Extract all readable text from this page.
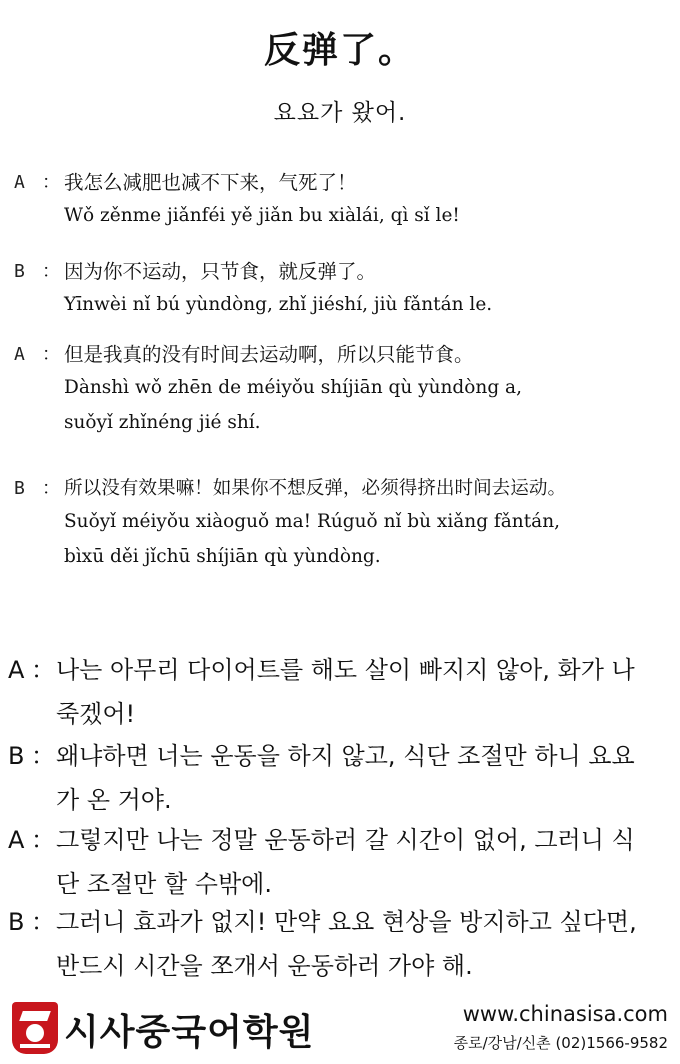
反弹了。
요요가 왔어.
A ： 我怎么减肥也减不下来，气死了！
Wǒ zěnme jiǎnféi yě jiǎn bu xiàlái, qì sǐ le!
B ： 因为你不运动，只节食，就反弹了。
Yīnwèi nǐ bú yùndòng, zhǐ jiéshí, jiù fǎntán le.
A ： 但是我真的没有时间去运动啊，所以只能节食。
Dànshì wǒ zhēn de méiyǒu shíjiān qù yùndòng a,
suǒyǐ zhǐnéng jié shí.
B ： 所以没有效果嘛！如果你不想反弹，必须得挤出时间去运动。
Suǒyǐ méiyǒu xiàoguǒ ma! Rúguǒ nǐ bù xiǎng fǎntán,
bìxū děi jǐchū shíjiān qù yùndòng.
A ： 나는 아무리 다이어트를 해도 살이 빠지지 않아, 화가 나
죽겠어!
B ： 왜냐하면 너는 운동을 하지 않고, 식단 조절만 하니 요요
가 온 거야.
A ： 그렇지만 나는 정말 운동하러 갈 시간이 없어, 그러니 식
단 조절만 할 수밖에.
B ： 그러니 효과가 없지! 만약 요요 현상을 방지하고 싶다면,
반드시 시간을 쪼개서 운동하러 가야 해.
시사중국어학원	www.chinasisa.com
종로/강남/신촌 (02)1566-9582
